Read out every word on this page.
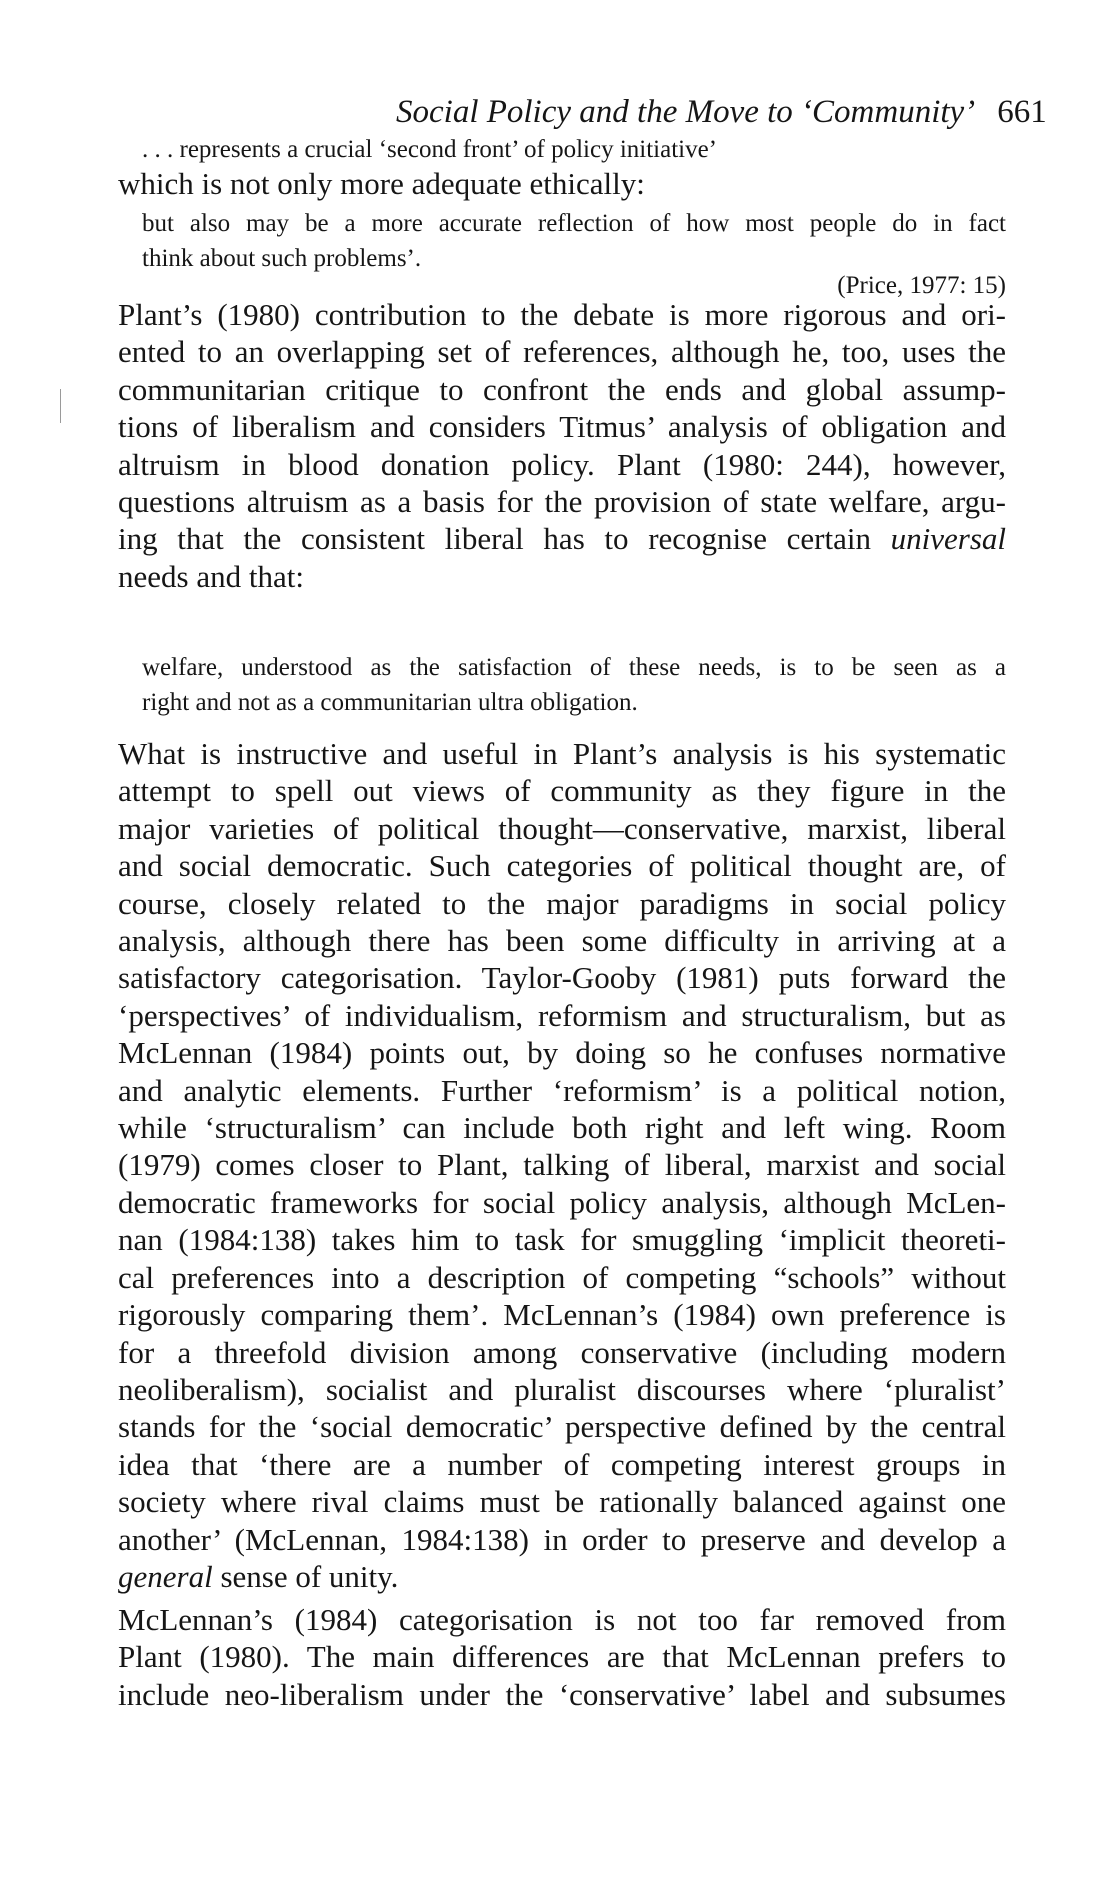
Social Policy and the Move to ‘Community’ 661
. . . represents a crucial ‘second front’ of policy initiative’
which is not only more adequate ethically:
but also may be a more accurate reflection of how most people do in fact
think about such problems’.
(Price, 1977: 15)
Plant’s (1980) contribution to the debate is more rigorous and ori-
ented to an overlapping set of references, although he, too, uses the
communitarian critique to confront the ends and global assump-
tions of liberalism and considers Titmus’ analysis of obligation and
altruism in blood donation policy. Plant (1980: 244), however,
questions altruism as a basis for the provision of state welfare, argu-
ing that the consistent liberal has to recognise certain universal
needs and that:
welfare, understood as the satisfaction of these needs, is to be seen as a
right and not as a communitarian ultra obligation.
What is instructive and useful in Plant’s analysis is his systematic
attempt to spell out views of community as they figure in the
major varieties of political thought—conservative, marxist, liberal
and social democratic. Such categories of political thought are, of
course, closely related to the major paradigms in social policy
analysis, although there has been some difficulty in arriving at a
satisfactory categorisation. Taylor-Gooby (1981) puts forward the
‘perspectives’ of individualism, reformism and structuralism, but as
McLennan (1984) points out, by doing so he confuses normative
and analytic elements. Further ‘reformism’ is a political notion,
while ‘structuralism’ can include both right and left wing. Room
(1979) comes closer to Plant, talking of liberal, marxist and social
democratic frameworks for social policy analysis, although McLen-
nan (1984:138) takes him to task for smuggling ‘implicit theoreti-
cal preferences into a description of competing “schools” without
rigorously comparing them’. McLennan’s (1984) own preference is
for a threefold division among conservative (including modern
neoliberalism), socialist and pluralist discourses where ‘pluralist’
stands for the ‘social democratic’ perspective defined by the central
idea that ‘there are a number of competing interest groups in
society where rival claims must be rationally balanced against one
another’ (McLennan, 1984:138) in order to preserve and develop a
general sense of unity.
McLennan’s (1984) categorisation is not too far removed from
Plant (1980). The main differences are that McLennan prefers to
include neo-liberalism under the ‘conservative’ label and subsumes
